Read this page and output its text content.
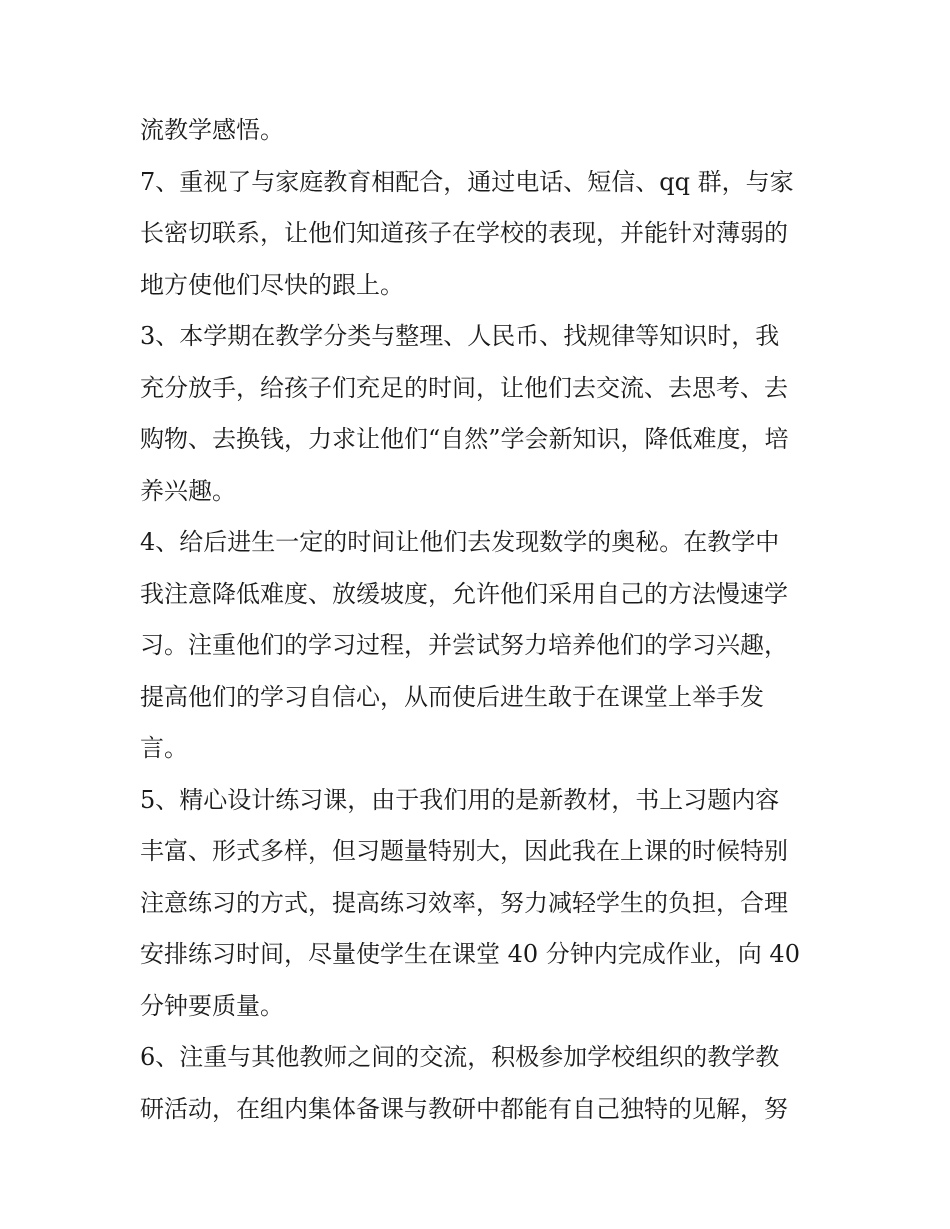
流教学感悟。
7、重视了与家庭教育相配合，通过电话、短信、qq 群，与家
长密切联系，让他们知道孩子在学校的表现，并能针对薄弱的
地方使他们尽快的跟上。
3、本学期在教学分类与整理、人民币、找规律等知识时，我
充分放手，给孩子们充足的时间，让他们去交流、去思考、去
购物、去换钱，力求让他们“自然”学会新知识，降低难度，培
养兴趣。
4、给后进生一定的时间让他们去发现数学的奥秘。在教学中
我注意降低难度、放缓坡度，允许他们采用自己的方法慢速学
习。注重他们的学习过程，并尝试努力培养他们的学习兴趣，
提高他们的学习自信心，从而使后进生敢于在课堂上举手发
言。
5、精心设计练习课，由于我们用的是新教材，书上习题内容
丰富、形式多样，但习题量特别大，因此我在上课的时候特别
注意练习的方式，提高练习效率，努力减轻学生的负担，合理
安排练习时间，尽量使学生在课堂 40 分钟内完成作业，向 40
分钟要质量。
6、注重与其他教师之间的交流，积极参加学校组织的教学教
研活动，在组内集体备课与教研中都能有自己独特的见解，努
